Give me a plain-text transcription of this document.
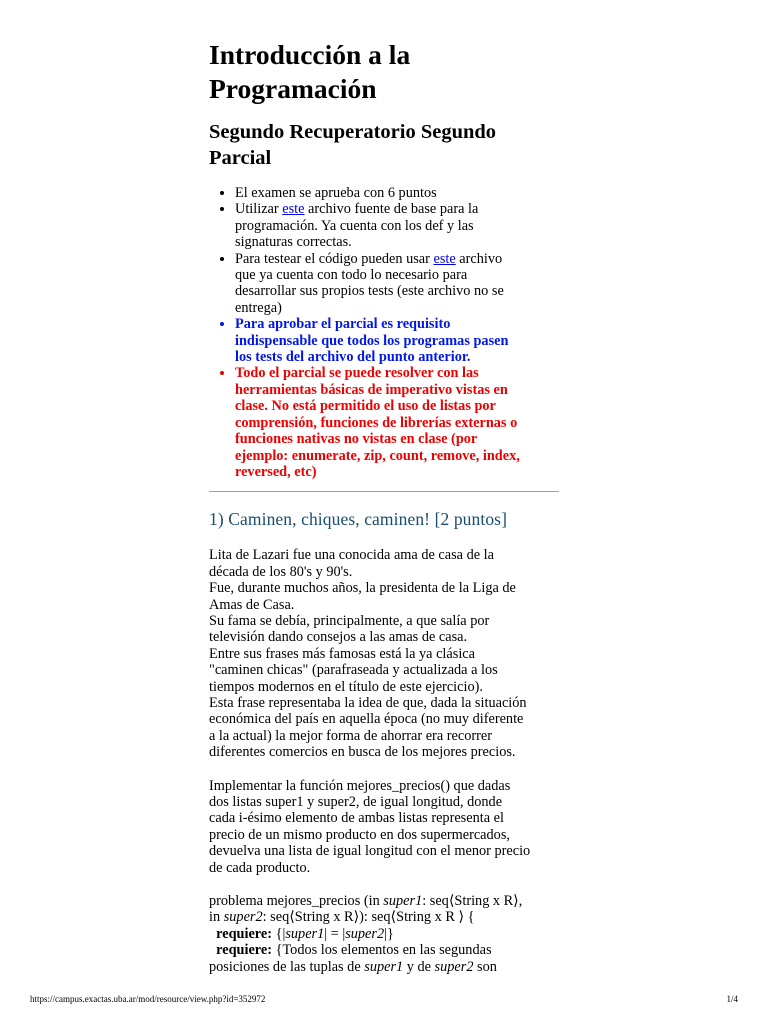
Introducción a la
Programación
Segundo Recuperatorio Segundo
Parcial
• El examen se aprueba con 6 puntos
• Utilizar este archivo fuente de base para la
programación. Ya cuenta con los def y las
signaturas correctas.
• Para testear el código pueden usar este archivo
que ya cuenta con todo lo necesario para
desarrollar sus propios tests (este archivo no se
entrega)
• Para aprobar el parcial es requisito
indispensable que todos los programas pasen
los tests del archivo del punto anterior.
• Todo el parcial se puede resolver con las
herramientas básicas de imperativo vistas en
clase. No está permitido el uso de listas por
comprensión, funciones de librerías externas o
funciones nativas no vistas en clase (por
ejemplo: enumerate, zip, count, remove, index,
reversed, etc)
1) Caminen, chiques, caminen! [2 puntos]
Lita de Lazari fue una conocida ama de casa de la
década de los 80's y 90's.
Fue, durante muchos años, la presidenta de la Liga de
Amas de Casa.
Su fama se debía, principalmente, a que salía por
televisión dando consejos a las amas de casa.
Entre sus frases más famosas está la ya clásica
"caminen chicas" (parafraseada y actualizada a los
tiempos modernos en el título de este ejercicio).
Esta frase representaba la idea de que, dada la situación
económica del país en aquella época (no muy diferente
a la actual) la mejor forma de ahorrar era recorrer
diferentes comercios en busca de los mejores precios.
Implementar la función mejores_precios() que dadas
dos listas super1 y super2, de igual longitud, donde
cada i-ésimo elemento de ambas listas representa el
precio de un mismo producto en dos supermercados,
devuelva una lista de igual longitud con el menor precio
de cada producto.
problema mejores_precios (in super1: seq⟨String x R⟩,
in super2: seq⟨String x R⟩): seq⟨String x R ⟩ {
requiere: {|super1| = |super2|}
requiere: {Todos los elementos en las segundas
posiciones de las tuplas de super1 y de super2 son
https://campus.exactas.uba.ar/mod/resource/view.php?id=352972	1/4
